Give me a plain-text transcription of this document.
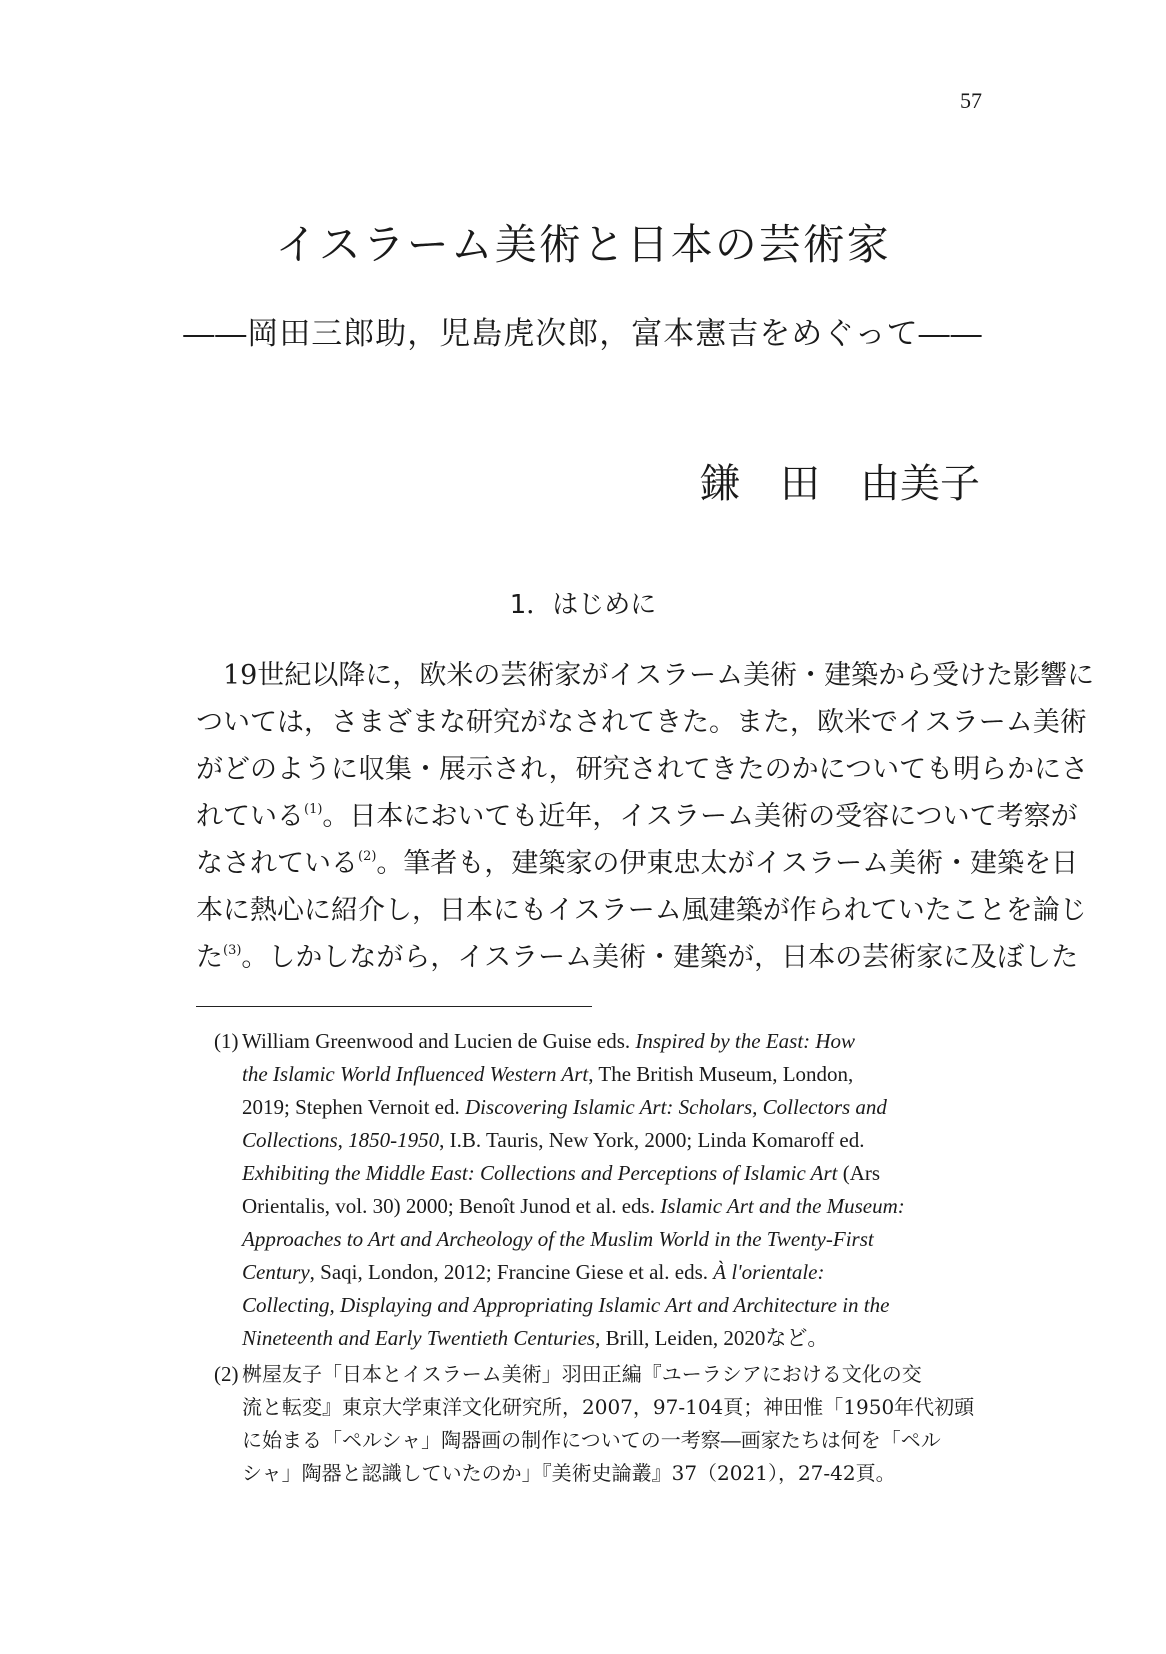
57
イスラーム美術と日本の芸術家
――岡田三郎助，児島虎次郎，富本憲吉をめぐって――
鎌　田　由美子
1．はじめに
19世紀以降に，欧米の芸術家がイスラーム美術・建築から受けた影響に
ついては，さまざまな研究がなされてきた。また，欧米でイスラーム美術
がどのように収集・展示され，研究されてきたのかについても明らかにさ
れている$^{(1)}$。日本においても近年，イスラーム美術の受容について考察が
なされている$^{(2)}$。筆者も，建築家の伊東忠太がイスラーム美術・建築を日
本に熱心に紹介し，日本にもイスラーム風建築が作られていたことを論じ
た$^{(3)}$。しかしながら，イスラーム美術・建築が，日本の芸術家に及ぼした
(1) William Greenwood and Lucien de Guise eds. Inspired by the East: How
the Islamic World Influenced Western Art, The British Museum, London,
2019; Stephen Vernoit ed. Discovering Islamic Art: Scholars, Collectors and
Collections, 1850-1950, I.B. Tauris, New York, 2000; Linda Komaroff ed.
Exhibiting the Middle East: Collections and Perceptions of Islamic Art (Ars
Orientalis, vol. 30) 2000; Benoît Junod et al. eds. Islamic Art and the Museum:
Approaches to Art and Archeology of the Muslim World in the Twenty-First
Century, Saqi, London, 2012; Francine Giese et al. eds. À l'orientale:
Collecting, Displaying and Appropriating Islamic Art and Architecture in the
Nineteenth and Early Twentieth Centuries, Brill, Leiden, 2020など。
(2) 桝屋友子「日本とイスラーム美術」羽田正編『ユーラシアにおける文化の交
流と転変』東京大学東洋文化研究所，2007，97-104頁；神田惟「1950年代初頭
に始まる「ペルシャ」陶器画の制作についての一考察―画家たちは何を「ペル
シャ」陶器と認識していたのか」『美術史論叢』37（2021），27-42頁。
